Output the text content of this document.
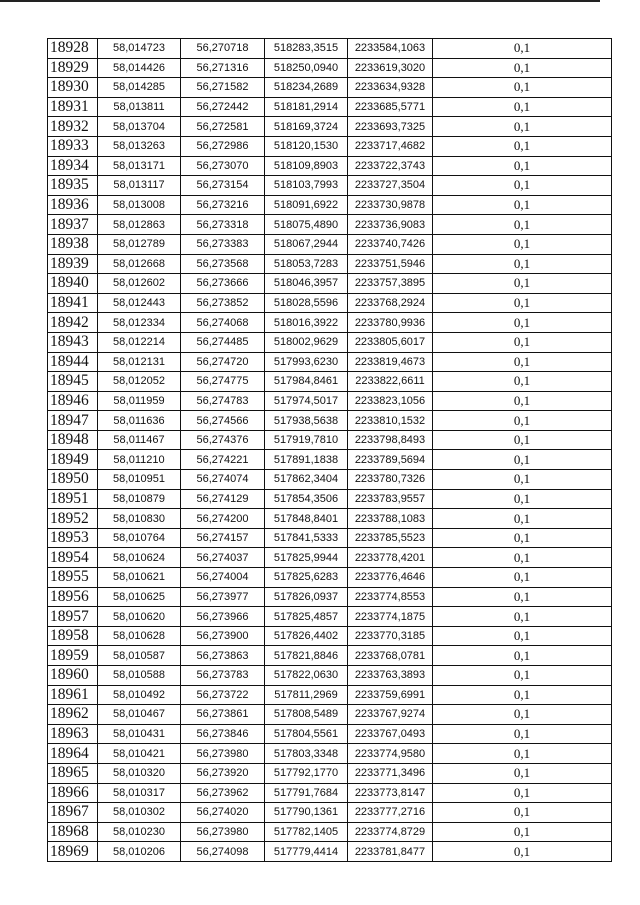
18928	58,014723	56,270718	518283,3515	2233584,1063	0,1
18929	58,014426	56,271316	518250,0940	2233619,3020	0,1
18930	58,014285	56,271582	518234,2689	2233634,9328	0,1
18931	58,013811	56,272442	518181,2914	2233685,5771	0,1
18932	58,013704	56,272581	518169,3724	2233693,7325	0,1
18933	58,013263	56,272986	518120,1530	2233717,4682	0,1
18934	58,013171	56,273070	518109,8903	2233722,3743	0,1
18935	58,013117	56,273154	518103,7993	2233727,3504	0,1
18936	58,013008	56,273216	518091,6922	2233730,9878	0,1
18937	58,012863	56,273318	518075,4890	2233736,9083	0,1
18938	58,012789	56,273383	518067,2944	2233740,7426	0,1
18939	58,012668	56,273568	518053,7283	2233751,5946	0,1
18940	58,012602	56,273666	518046,3957	2233757,3895	0,1
18941	58,012443	56,273852	518028,5596	2233768,2924	0,1
18942	58,012334	56,274068	518016,3922	2233780,9936	0,1
18943	58,012214	56,274485	518002,9629	2233805,6017	0,1
18944	58,012131	56,274720	517993,6230	2233819,4673	0,1
18945	58,012052	56,274775	517984,8461	2233822,6611	0,1
18946	58,011959	56,274783	517974,5017	2233823,1056	0,1
18947	58,011636	56,274566	517938,5638	2233810,1532	0,1
18948	58,011467	56,274376	517919,7810	2233798,8493	0,1
18949	58,011210	56,274221	517891,1838	2233789,5694	0,1
18950	58,010951	56,274074	517862,3404	2233780,7326	0,1
18951	58,010879	56,274129	517854,3506	2233783,9557	0,1
18952	58,010830	56,274200	517848,8401	2233788,1083	0,1
18953	58,010764	56,274157	517841,5333	2233785,5523	0,1
18954	58,010624	56,274037	517825,9944	2233778,4201	0,1
18955	58,010621	56,274004	517825,6283	2233776,4646	0,1
18956	58,010625	56,273977	517826,0937	2233774,8553	0,1
18957	58,010620	56,273966	517825,4857	2233774,1875	0,1
18958	58,010628	56,273900	517826,4402	2233770,3185	0,1
18959	58,010587	56,273863	517821,8846	2233768,0781	0,1
18960	58,010588	56,273783	517822,0630	2233763,3893	0,1
18961	58,010492	56,273722	517811,2969	2233759,6991	0,1
18962	58,010467	56,273861	517808,5489	2233767,9274	0,1
18963	58,010431	56,273846	517804,5561	2233767,0493	0,1
18964	58,010421	56,273980	517803,3348	2233774,9580	0,1
18965	58,010320	56,273920	517792,1770	2233771,3496	0,1
18966	58,010317	56,273962	517791,7684	2233773,8147	0,1
18967	58,010302	56,274020	517790,1361	2233777,2716	0,1
18968	58,010230	56,273980	517782,1405	2233774,8729	0,1
18969	58,010206	56,274098	517779,4414	2233781,8477	0,1
